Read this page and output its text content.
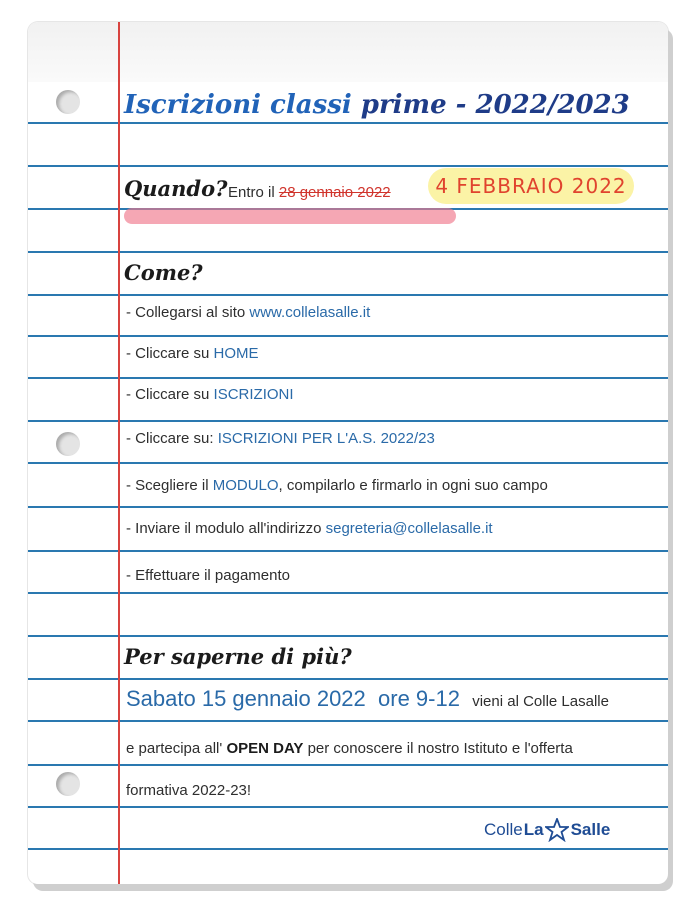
Iscrizioni classi prime - 2022/2023
Quando? Entro il 28 gennaio 2022 4 FEBBRAIO 2022
Come?
- Collegarsi al sito www.collelasalle.it
- Cliccare su HOME
- Cliccare su ISCRIZIONI
- Cliccare su: ISCRIZIONI PER L'A.S. 2022/23
- Scegliere il MODULO, compilarlo e firmarlo in ogni suo campo
- Inviare il modulo all'indirizzo segreteria@collelasalle.it
- Effettuare il pagamento
Per saperne di più?
Sabato 15 gennaio 2022 ore 9-12 vieni al Colle Lasalle
e partecipa all' OPEN DAY per conoscere il nostro Istituto e l'offerta
formativa 2022-23!
Colle La Salle
